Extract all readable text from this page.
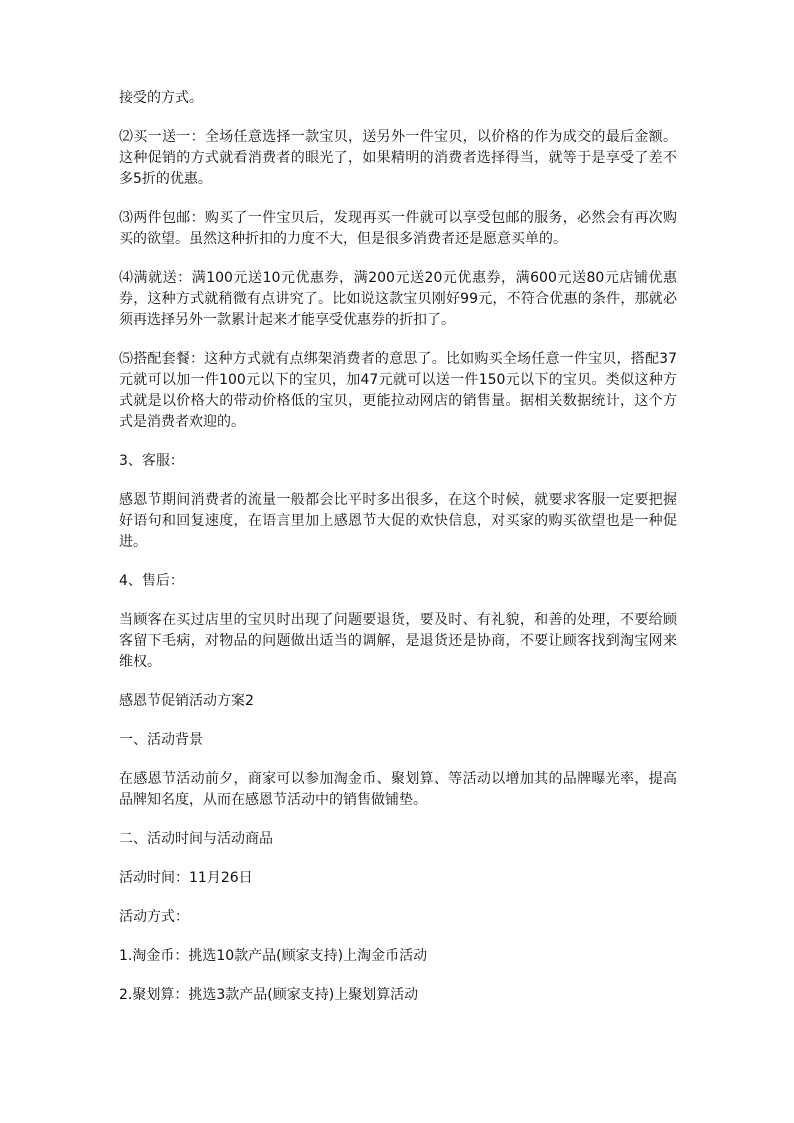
接受的方式。

⑵买一送一：全场任意选择一款宝贝，送另外一件宝贝，以价格的作为成交的最后金额。这种促销的方式就看消费者的眼光了，如果精明的消费者选择得当，就等于是享受了差不多5折的优惠。

⑶两件包邮：购买了一件宝贝后，发现再买一件就可以享受包邮的服务，必然会有再次购买的欲望。虽然这种折扣的力度不大，但是很多消费者还是愿意买单的。

⑷满就送：满100元送10元优惠券，满200元送20元优惠券，满600元送80元店铺优惠券，这种方式就稍微有点讲究了。比如说这款宝贝刚好99元，不符合优惠的条件，那就必须再选择另外一款累计起来才能享受优惠券的折扣了。

⑸搭配套餐：这种方式就有点绑架消费者的意思了。比如购买全场任意一件宝贝，搭配37元就可以加一件100元以下的宝贝，加47元就可以送一件150元以下的宝贝。类似这种方式就是以价格大的带动价格低的宝贝，更能拉动网店的销售量。据相关数据统计，这个方式是消费者欢迎的。

3、客服：

感恩节期间消费者的流量一般都会比平时多出很多，在这个时候，就要求客服一定要把握好语句和回复速度，在语言里加上感恩节大促的欢快信息，对买家的购买欲望也是一种促进。

4、售后：

当顾客在买过店里的宝贝时出现了问题要退货，要及时、有礼貌，和善的处理，不要给顾客留下毛病，对物品的问题做出适当的调解，是退货还是协商，不要让顾客找到淘宝网来维权。

感恩节促销活动方案2

一、活动背景

在感恩节活动前夕，商家可以参加淘金币、聚划算、等活动以增加其的品牌曝光率，提高品牌知名度，从而在感恩节活动中的销售做铺垫。

二、活动时间与活动商品

活动时间：11月26日

活动方式：

1.淘金币：挑选10款产品(顾家支持)上淘金币活动

2.聚划算：挑选3款产品(顾家支持)上聚划算活动
